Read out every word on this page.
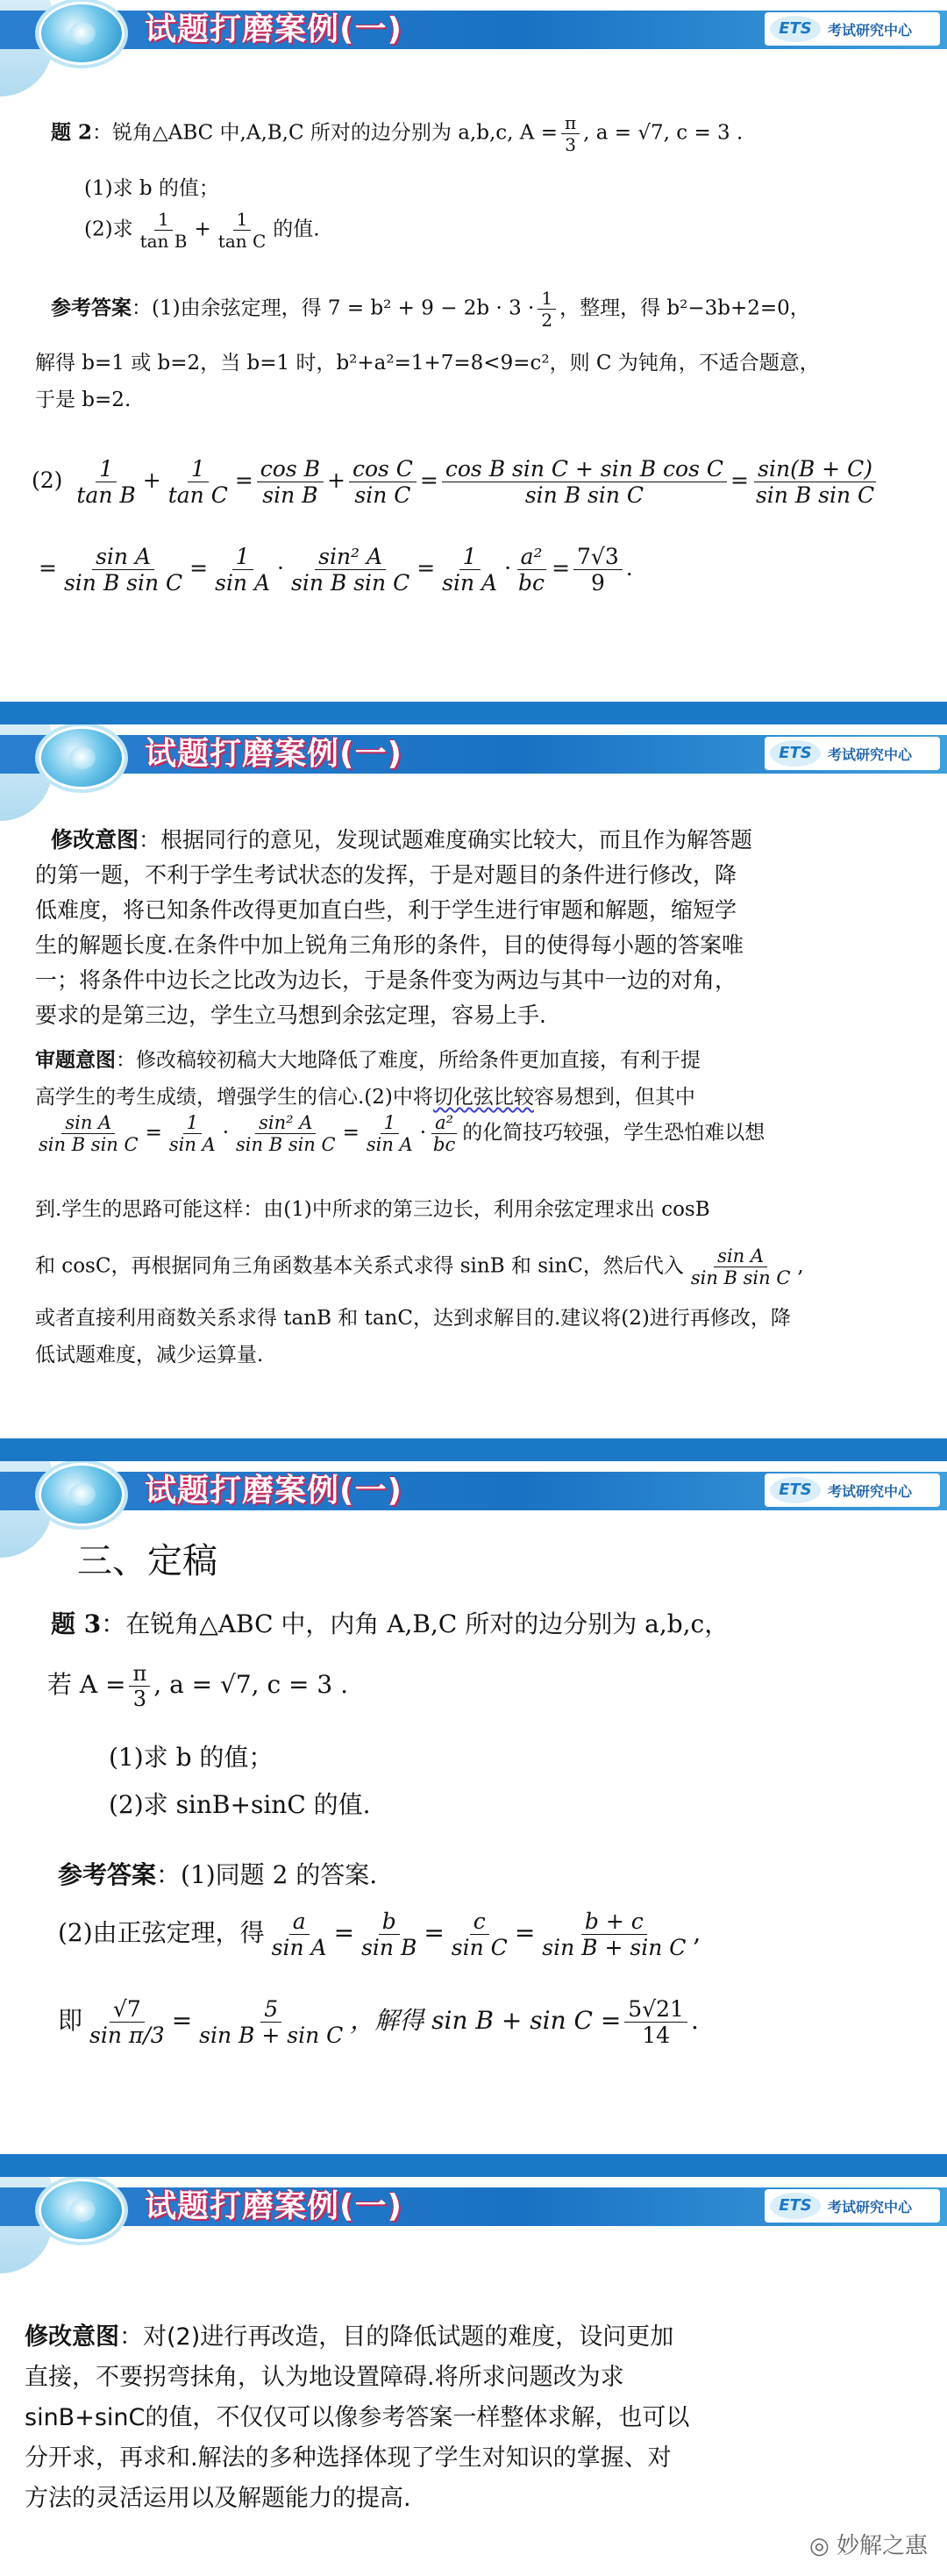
试题打磨案例(一)	ETS	考试研究中心
题 2：锐角△ABC 中,A,B,C 所对的边分别为 a,b,c, $A = \frac{\pi}{3}$ , a = √7, c = 3 .
(1)求 b 的值；
(2)求 $\frac{1}{\text{tan B}} + \frac{1}{\text{tan C}}$ 的值.
参考答案：(1)由余弦定理，得 $7 = b^2 + 9 - 2b \cdot 3 \cdot \frac{1}{2}$ ，整理，得 b²−3b+2=0，
解得 b=1 或 b=2，当 b=1 时，b²+a²=1+7=8<9=c²，则 C 为钝角，不适合题意，
于是 b=2.
$(2) \frac{1}{\text{tan B}} + \frac{1}{\text{tan C}} = \frac{\text{cos B}}{\text{sin B}} + \frac{\text{cos C}}{\text{sin C}} = \frac{\text{cos B sin C + sin B cos C}}{\text{sin B sin C}} = \frac{\sin(B + C)}{\text{sin B sin C}}$
= $\frac{\text{sin A}}{\text{sin B sin C}} = \frac{1}{\text{sin A}} \cdot \frac{\text{sin² A}}{\text{sin B sin C}} = \frac{1}{\text{sin A}} \cdot \frac{\text{a²}}{bc} = \frac{7√3}{9}$ .
试题打磨案例(一)	ETS	考试研究中心
修改意图：根据同行的意见，发现试题难度确实比较大，而且作为解答题
的第一题，不利于学生考试状态的发挥，于是对题目的条件进行修改，降
低难度，将已知条件改得更加直白些，利于学生进行审题和解题，缩短学
生的解题长度.在条件中加上锐角三角形的条件，目的使得每小题的答案唯
一；将条件中边长之比改为边长，于是条件变为两边与其中一边的对角，
要求的是第三边，学生立马想到余弦定理，容易上手.
审题意图：修改稿较初稿大大地降低了难度，所给条件更加直接，有利于提
高学生的考生成绩，增强学生的信心.(2)中将切化弦比较容易想到，但其中
$\frac{\text{sin A}}{\text{sin B sin C}} = \frac{1}{\text{sin A}} \cdot \frac{\text{sin² A}}{\text{sin B sin C}} = \frac{1}{\text{sin A}} \cdot \frac{\text{a²}}{bc}$ 的化简技巧较强，学生恐怕难以想
到.学生的思路可能这样：由(1)中所求的第三边长，利用余弦定理求出 cosB
和 cosC，再根据同角三角函数基本关系式求得 sinB 和 sinC，然后代入 $\frac{\text{sin A}}{\text{sin B sin C}}$ ,
或者直接利用商数关系求得 tanB 和 tanC，达到求解目的.建议将(2)进行再修改，降
低试题难度，减少运算量.
试题打磨案例(一)	ETS	考试研究中心
三、定稿
题 3：在锐角△ABC 中，内角 A,B,C 所对的边分别为 a,b,c，
若 $A = \frac{\pi}{3}$ , a = √7, c = 3 .
(1)求 b 的值；
(2)求 sinB+sinC 的值.
参考答案：(1)同题 2 的答案.
(2)由正弦定理，得 $\frac{a}{\text{sin A}} = \frac{b}{\text{sin B}} = \frac{c}{\text{sin C}} = \frac{b + c}{\text{sin B + sin C}}$ ,
即 $\frac{√7}{\text{sin π/3}} = \frac{5}{\text{sin B + sin C}}$ ，解得 $\sin B + \sin C = \frac{5√21}{14}$ .
试题打磨案例(一)	ETS	考试研究中心
修改意图：对(2)进行再改造，目的降低试题的难度，设问更加
直接，不要拐弯抹角，认为地设置障碍.将所求问题改为求
sinB+sinC的值，不仅仅可以像参考答案一样整体求解，也可以
分开求，再求和.解法的多种选择体现了学生对知识的掌握、对
方法的灵活运用以及解题能力的提高.
◎ 妙解之惠
